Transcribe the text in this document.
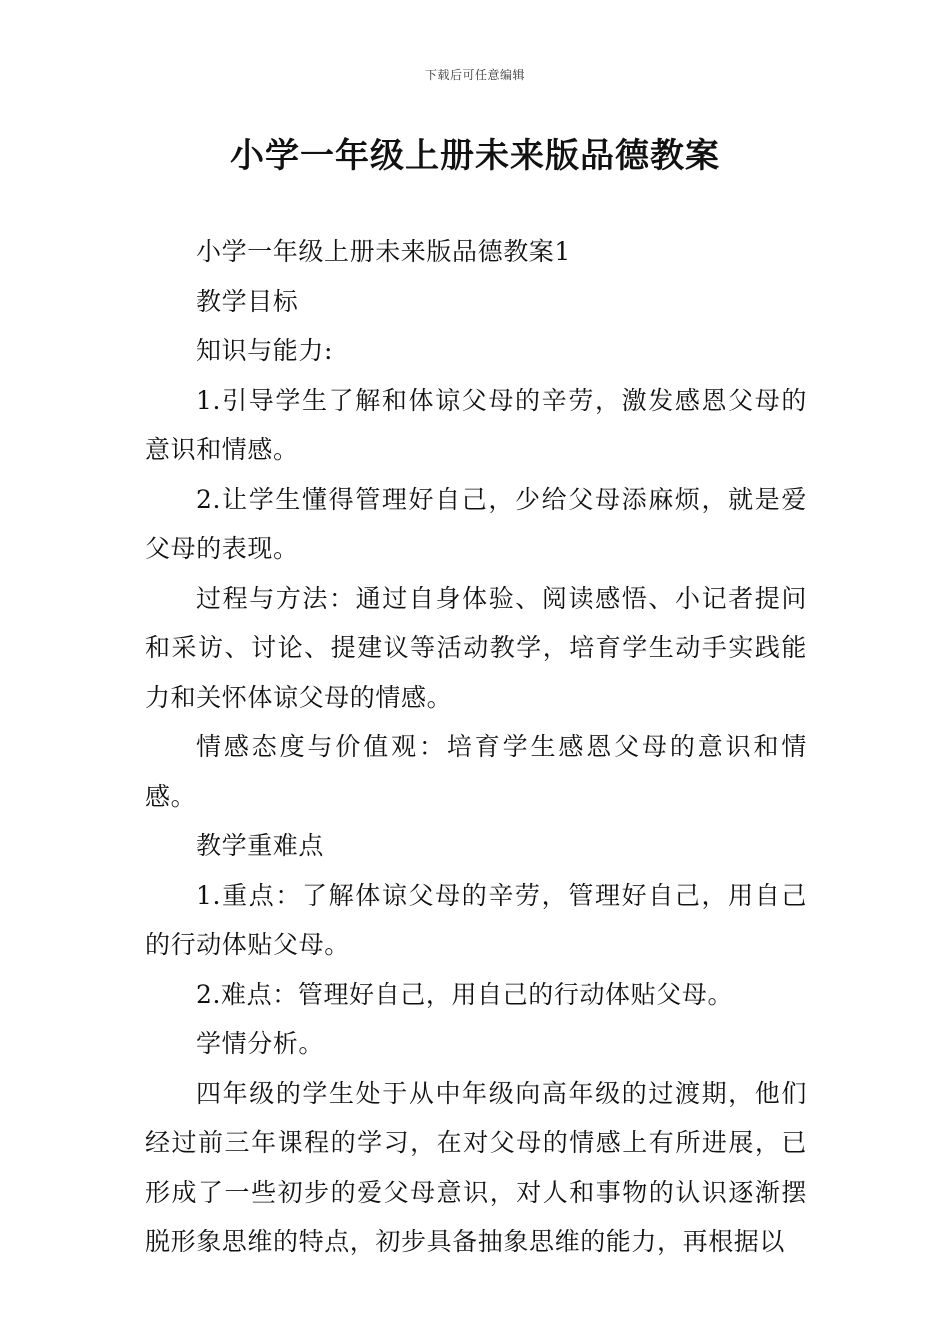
下载后可任意编辑
小学一年级上册未来版品德教案

小学一年级上册未来版品德教案1

教学目标

知识与能力:

1.引导学生了解和体谅父母的辛劳，激发感恩父母的意识和情感。

2.让学生懂得管理好自己，少给父母添麻烦，就是爱父母的表现。

过程与方法：通过自身体验、阅读感悟、小记者提问和采访、讨论、提建议等活动教学，培育学生动手实践能力和关怀体谅父母的情感。

情感态度与价值观：培育学生感恩父母的意识和情感。

教学重难点

1.重点：了解体谅父母的辛劳，管理好自己，用自己的行动体贴父母。

2.难点：管理好自己，用自己的行动体贴父母。

学情分析。

四年级的学生处于从中年级向高年级的过渡期，他们经过前三年课程的学习，在对父母的情感上有所进展，已形成了一些初步的爱父母意识，对人和事物的认识逐渐摆脱形象思维的特点，初步具备抽象思维的能力，再根据以
